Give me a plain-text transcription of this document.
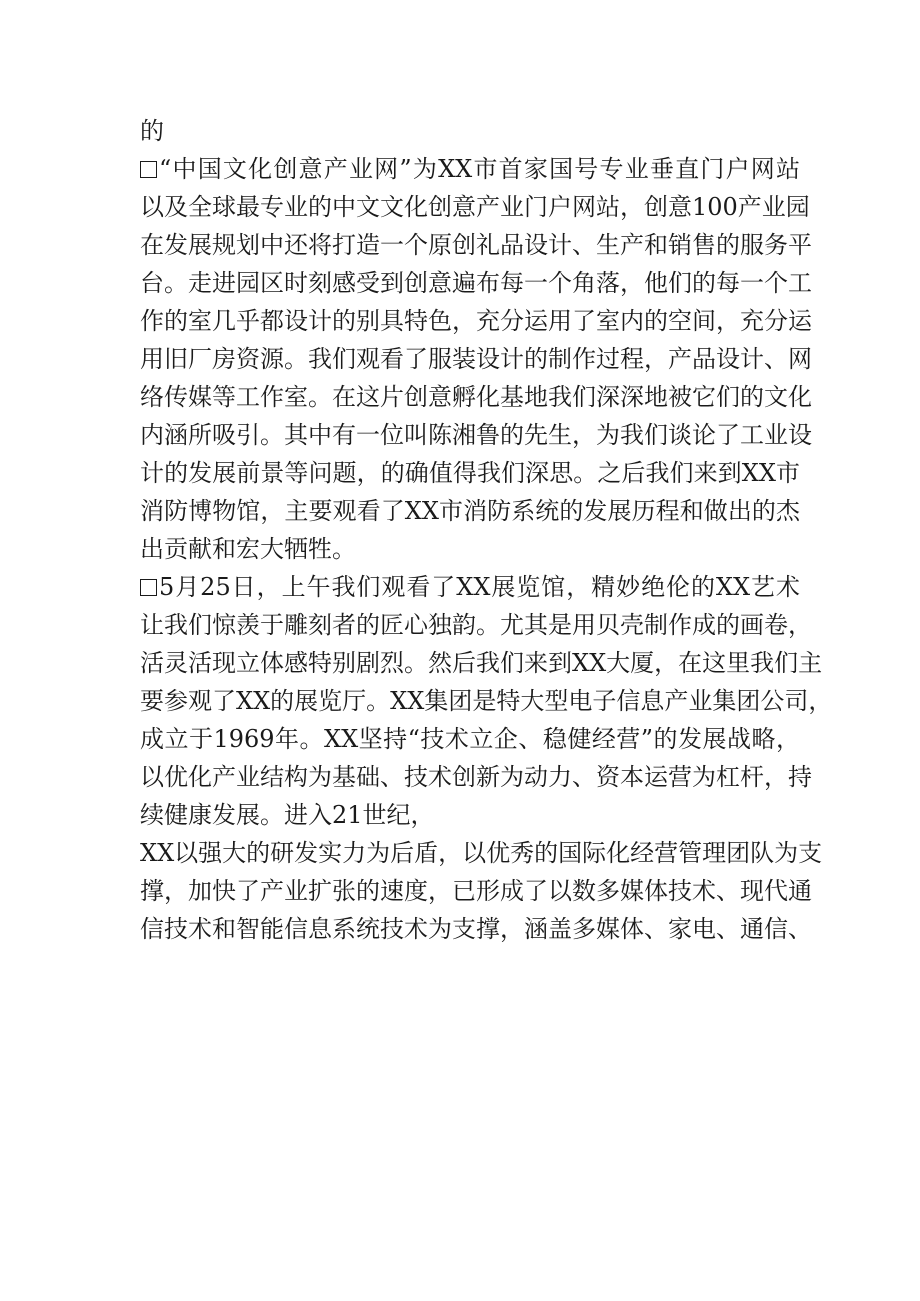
的
“中国文化创意产业网”为XX市首家国号专业垂直门户网站
以及全球最专业的中文文化创意产业门户网站，创意100产业园
在发展规划中还将打造一个原创礼品设计、生产和销售的服务平
台。走进园区时刻感受到创意遍布每一个角落，他们的每一个工
作的室几乎都设计的别具特色，充分运用了室内的空间，充分运
用旧厂房资源。我们观看了服装设计的制作过程，产品设计、网
络传媒等工作室。在这片创意孵化基地我们深深地被它们的文化
内涵所吸引。其中有一位叫陈湘鲁的先生，为我们谈论了工业设
计的发展前景等问题，的确值得我们深思。之后我们来到XX市
消防博物馆，主要观看了XX市消防系统的发展历程和做出的杰
出贡献和宏大牺牲。
5月25日，上午我们观看了XX展览馆，精妙绝伦的XX艺术
让我们惊羡于雕刻者的匠心独韵。尤其是用贝壳制作成的画卷，
活灵活现立体感特别剧烈。然后我们来到XX大厦，在这里我们主
要参观了XX的展览厅。XX集团是特大型电子信息产业集团公司，
成立于1969年。XX坚持“技术立企、稳健经营”的发展战略，
以优化产业结构为基础、技术创新为动力、资本运营为杠杆，持
续健康发展。进入21世纪，
XX以强大的研发实力为后盾，以优秀的国际化经营管理团队为支
撑，加快了产业扩张的速度，已形成了以数多媒体技术、现代通
信技术和智能信息系统技术为支撑，涵盖多媒体、家电、通信、
